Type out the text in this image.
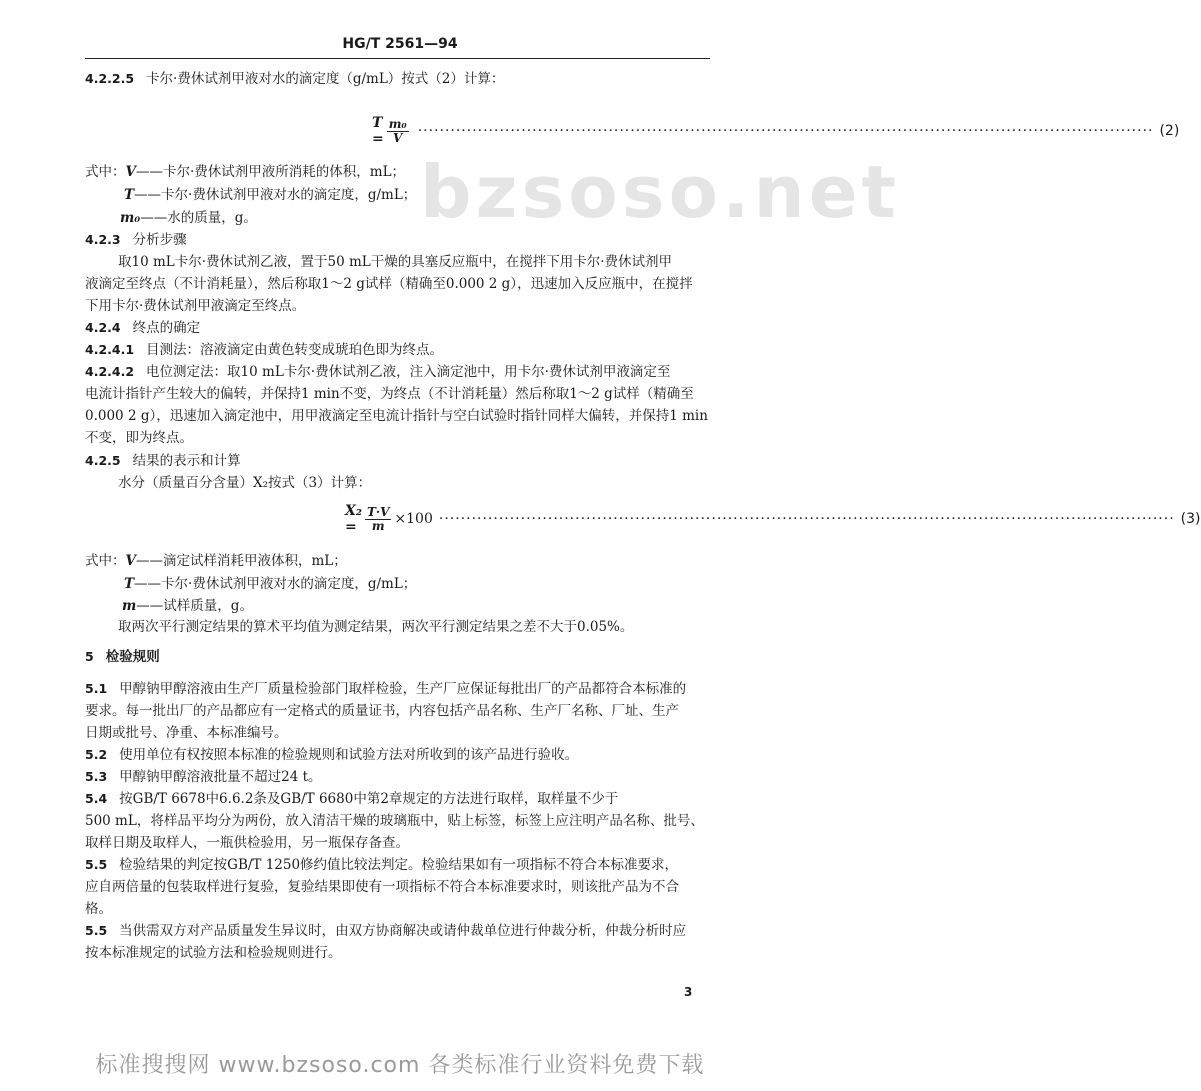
bzsoso.net
HG/T 2561—94
4.2.2.5 卡尔·费休试剂甲液对水的滴定度（g/mL）按式（2）计算：
$T = \frac{\text{m₀}}{V}$ ·····	(2)
式中：V——卡尔·费休试剂甲液所消耗的体积，mL；
T——卡尔·费休试剂甲液对水的滴定度，g/mL；
m₀——水的质量，g。
4.2.3 分析步骤
取10 mL卡尔·费休试剂乙液，置于50 mL干燥的具塞反应瓶中，在搅拌下用卡尔·费休试剂甲
液滴定至终点（不计消耗量），然后称取1～2 g试样（精确至0.000 2 g），迅速加入反应瓶中，在搅拌
下用卡尔·费休试剂甲液滴定至终点。
4.2.4 终点的确定
4.2.4.1 目测法：溶液滴定由黄色转变成琥珀色即为终点。
4.2.4.2 电位测定法：取10 mL卡尔·费休试剂乙液，注入滴定池中，用卡尔·费休试剂甲液滴定至
电流计指针产生较大的偏转，并保持1 min不变，为终点（不计消耗量）然后称取1～2 g试样（精确至
0.000 2 g），迅速加入滴定池中，用甲液滴定至电流计指针与空白试验时指针同样大偏转，并保持1 min
不变，即为终点。
4.2.5 结果的表示和计算
水分（质量百分含量）X₂按式（3）计算：
$X_2 = \frac{T\cdot V}{m} \times 100$ ·····	(3)
式中：V——滴定试样消耗甲液体积，mL；
T——卡尔·费休试剂甲液对水的滴定度，g/mL；
m——试样质量，g。
取两次平行测定结果的算术平均值为测定结果，两次平行测定结果之差不大于0.05%。
5 检验规则
5.1 甲醇钠甲醇溶液由生产厂质量检验部门取样检验，生产厂应保证每批出厂的产品都符合本标准的
要求。每一批出厂的产品都应有一定格式的质量证书，内容包括产品名称、生产厂名称、厂址、生产
日期或批号、净重、本标准编号。
5.2 使用单位有权按照本标准的检验规则和试验方法对所收到的该产品进行验收。
5.3 甲醇钠甲醇溶液批量不超过24 t。
5.4 按GB/T 6678中6.6.2条及GB/T 6680中第2章规定的方法进行取样，取样量不少于
500 mL，将样品平均分为两份，放入清洁干燥的玻璃瓶中，贴上标签，标签上应注明产品名称、批号、
取样日期及取样人，一瓶供检验用，另一瓶保存备查。
5.5 检验结果的判定按GB/T 1250修约值比较法判定。检验结果如有一项指标不符合本标准要求，
应自两倍量的包装取样进行复验，复验结果即使有一项指标不符合本标准要求时，则该批产品为不合
格。
5.5 当供需双方对产品质量发生异议时，由双方协商解决或请仲裁单位进行仲裁分析，仲裁分析时应
按本标准规定的试验方法和检验规则进行。
3
标准搜搜网 www.bzsoso.com 各类标准行业资料免费下载
